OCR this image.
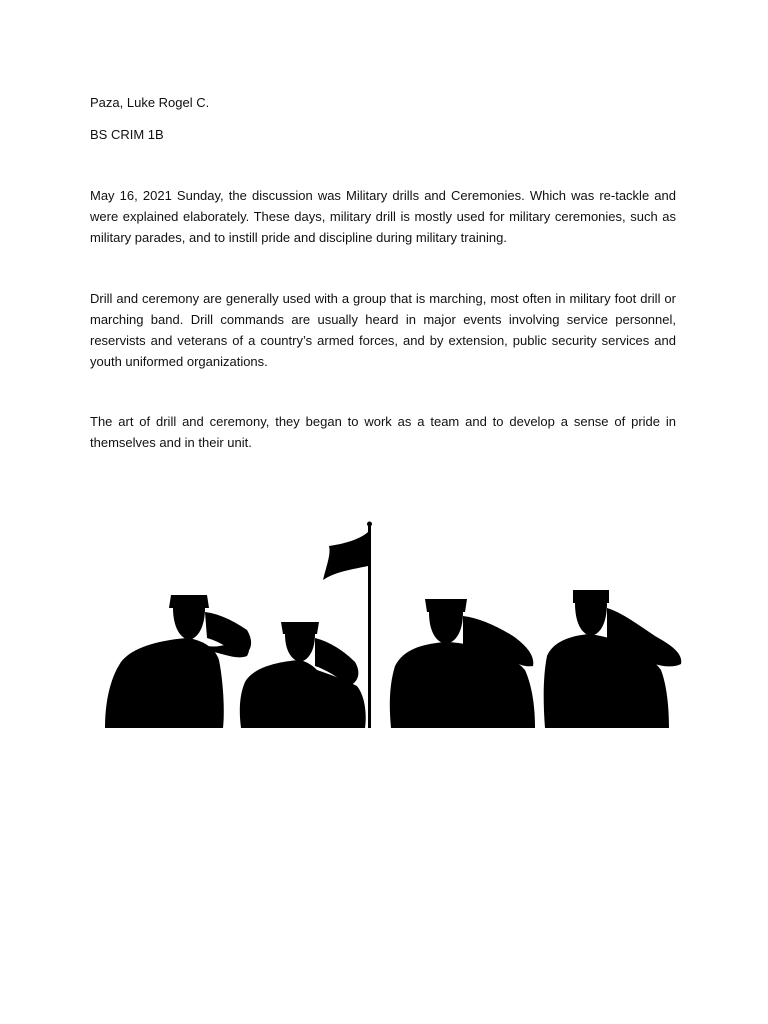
Paza, Luke Rogel C.

BS CRIM 1B

May 16, 2021 Sunday, the discussion was Military drills and Ceremonies. Which was re-tackle and were explained elaborately. These days, military drill is mostly used for military ceremonies, such as military parades, and to instill pride and discipline during military training.

Drill and ceremony are generally used with a group that is marching, most often in military foot drill or marching band. Drill commands are usually heard in major events involving service personnel, reservists and veterans of a country’s armed forces, and by extension, public security services and youth uniformed organizations.

The art of drill and ceremony, they began to work as a team and to develop a sense of pride in themselves and in their unit.
